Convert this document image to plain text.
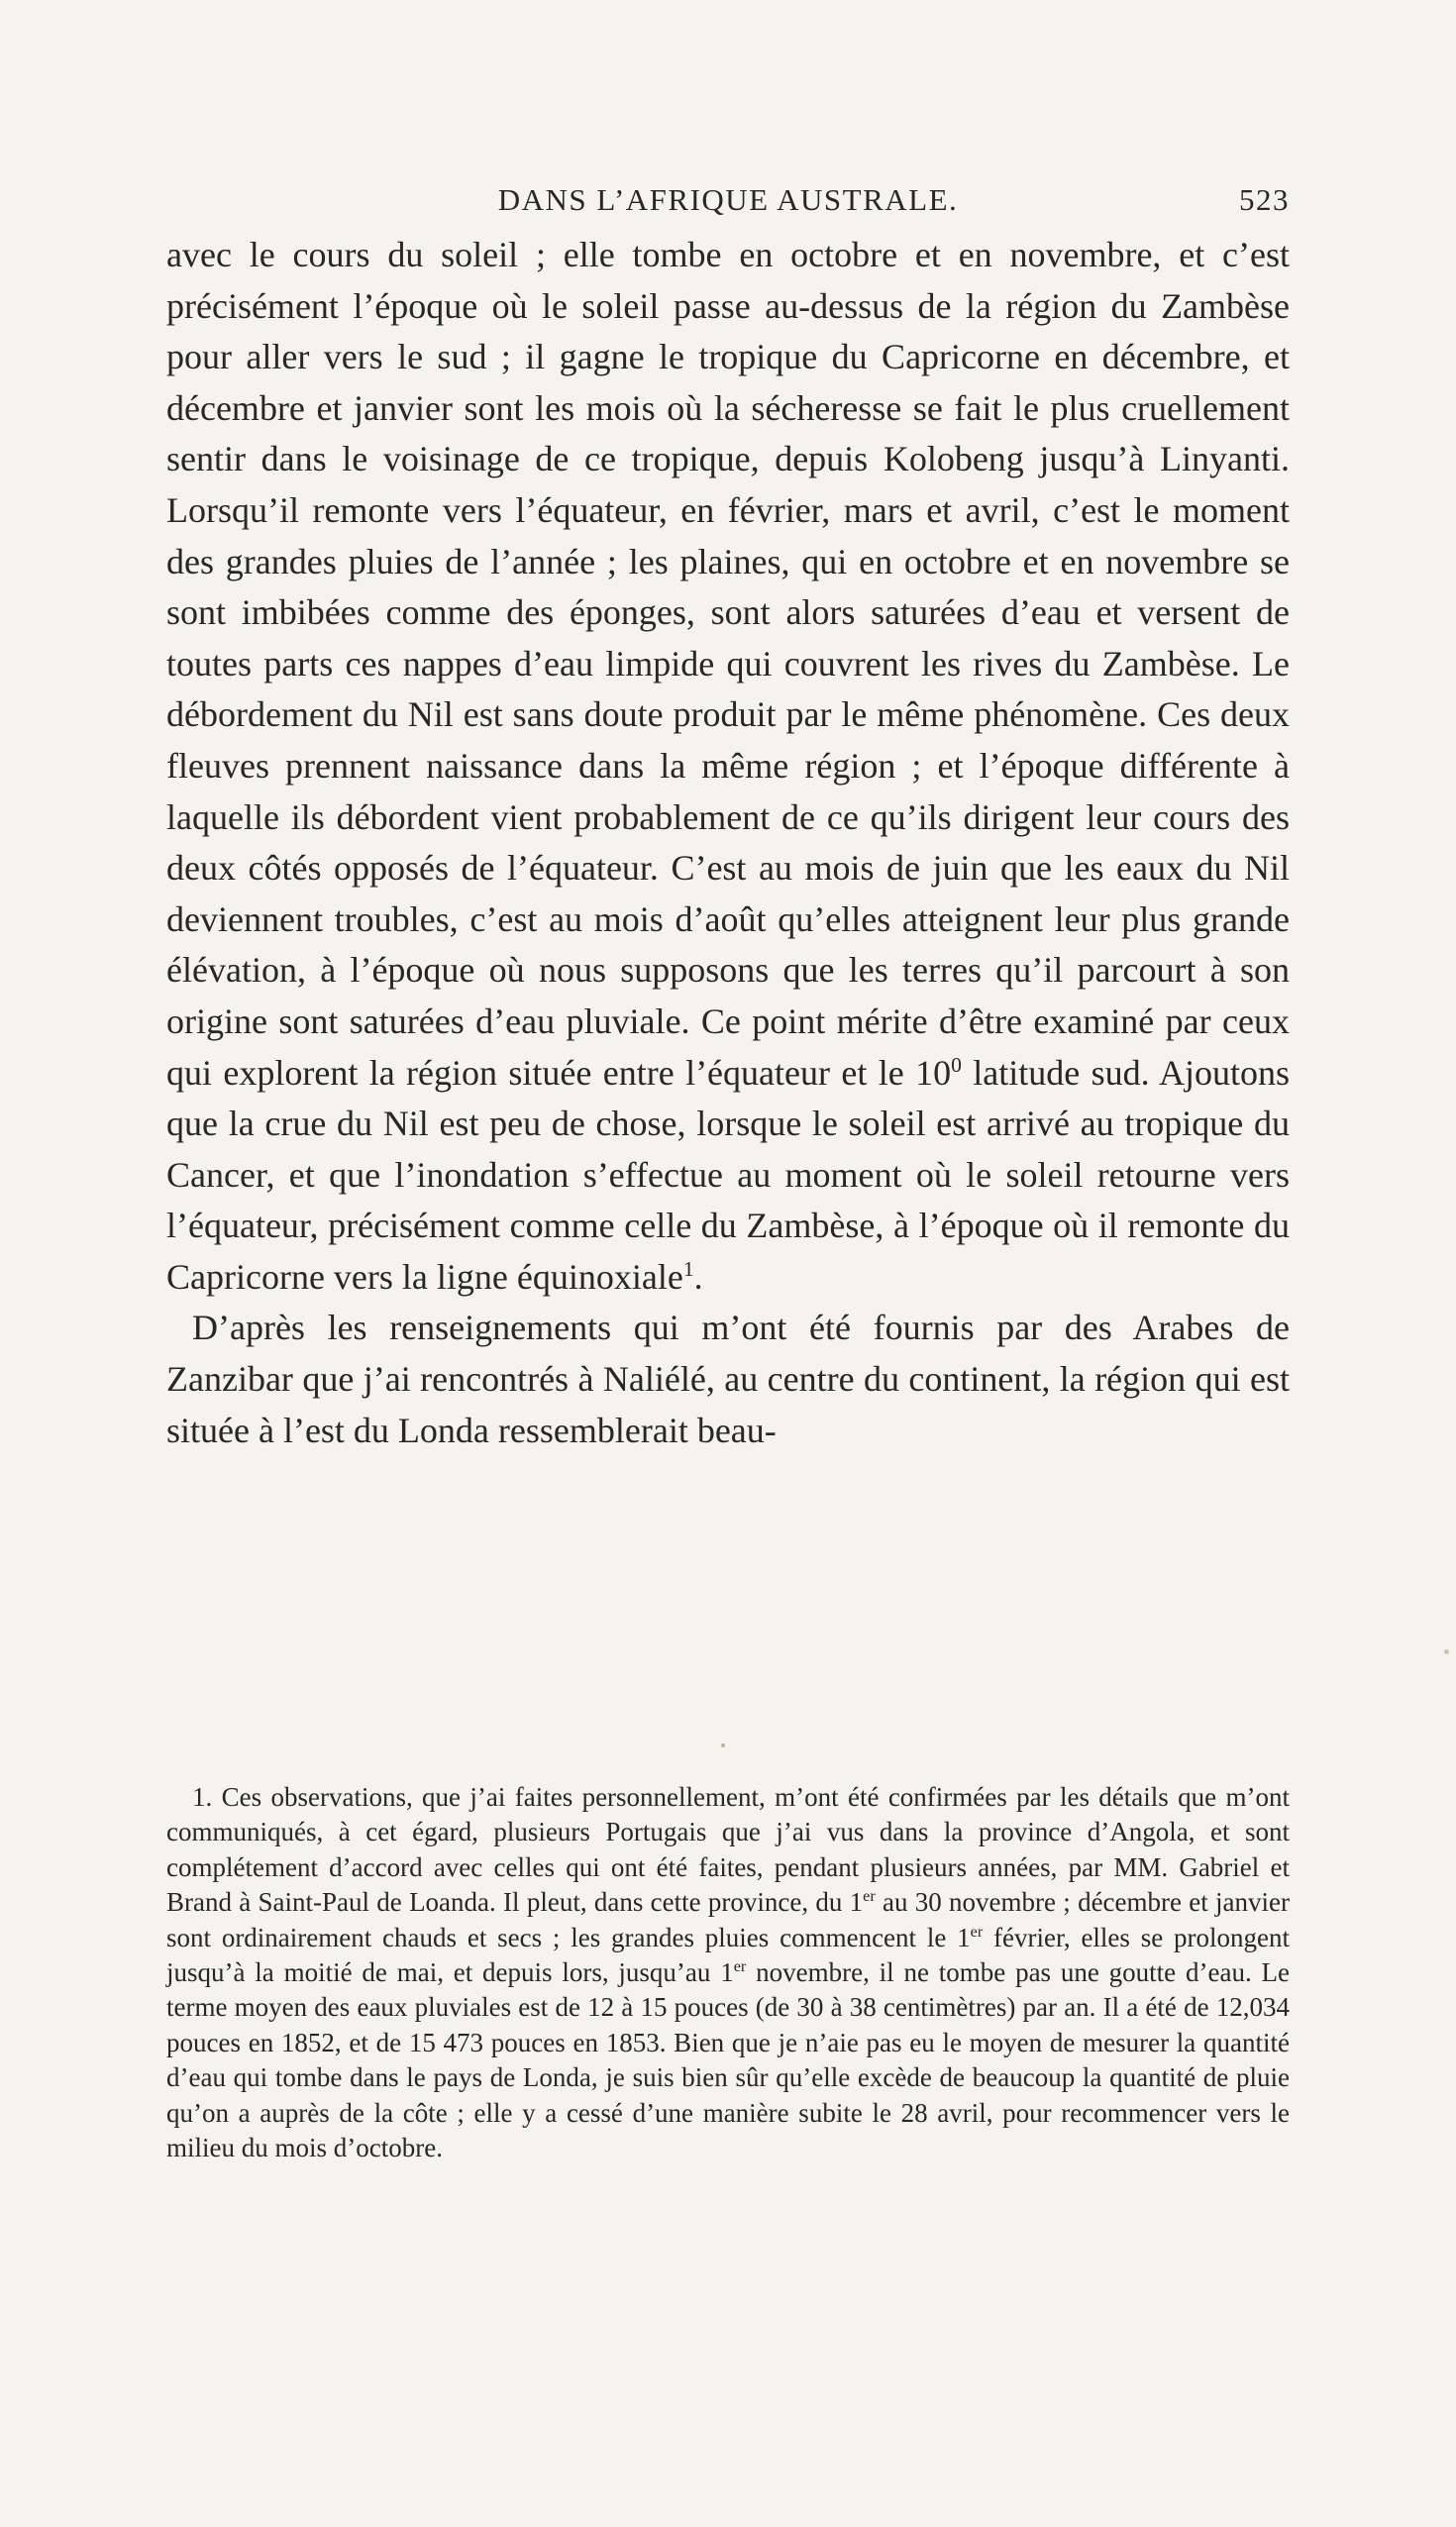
DANS L’AFRIQUE AUSTRALE.	523

avec le cours du soleil ; elle tombe en octobre et en novembre, et c’est précisément l’époque où le soleil passe au-dessus de la région du Zambèse pour aller vers le sud ; il gagne le tropique du Capricorne en décembre, et décembre et janvier sont les mois où la sécheresse se fait le plus cruellement sentir dans le voisinage de ce tropique, depuis Kolobeng jusqu’à Linyanti. Lorsqu’il remonte vers l’équateur, en février, mars et avril, c’est le moment des grandes pluies de l’année ; les plaines, qui en octobre et en novembre se sont imbibées comme des éponges, sont alors saturées d’eau et versent de toutes parts ces nappes d’eau limpide qui couvrent les rives du Zambèse. Le débordement du Nil est sans doute produit par le même phénomène. Ces deux fleuves prennent naissance dans la même région ; et l’époque différente à laquelle ils débordent vient probablement de ce qu’ils dirigent leur cours des deux côtés opposés de l’équateur. C’est au mois de juin que les eaux du Nil deviennent troubles, c’est au mois d’août qu’elles atteignent leur plus grande élévation, à l’époque où nous supposons que les terres qu’il parcourt à son origine sont saturées d’eau pluviale. Ce point mérite d’être examiné par ceux qui explorent la région située entre l’équateur et le $10^0$ latitude sud. Ajoutons que la crue du Nil est peu de chose, lorsque le soleil est arrivé au tropique du Cancer, et que l’inondation s’effectue au moment où le soleil retourne vers l’équateur, précisément comme celle du Zambèse, à l’époque où il remonte du Capricorne vers la ligne équinoxiale$^1$.

D’après les renseignements qui m’ont été fournis par des Arabes de Zanzibar que j’ai rencontrés à Naliélé, au centre du continent, la région qui est située à l’est du Londa ressemblerait beau-

1. Ces observations, que j’ai faites personnellement, m’ont été confirmées par les détails que m’ont communiqués, à cet égard, plusieurs Portugais que j’ai vus dans la province d’Angola, et sont complétement d’accord avec celles qui ont été faites, pendant plusieurs années, par MM. Gabriel et Brand à Saint-Paul de Loanda. Il pleut, dans cette province, du 1er au 30 novembre ; décembre et janvier sont ordinairement chauds et secs ; les grandes pluies commencent le 1er février, elles se prolongent jusqu’à la moitié de mai, et depuis lors, jusqu’au 1er novembre, il ne tombe pas une goutte d’eau. Le terme moyen des eaux pluviales est de 12 à 15 pouces (de 30 à 38 centimètres) par an. Il a été de 12,034 pouces en 1852, et de 15 473 pouces en 1853. Bien que je n’aie pas eu le moyen de mesurer la quantité d’eau qui tombe dans le pays de Londa, je suis bien sûr qu’elle excède de beaucoup la quantité de pluie qu’on a auprès de la côte ; elle y a cessé d’une manière subite le 28 avril, pour recommencer vers le milieu du mois d’octobre.
